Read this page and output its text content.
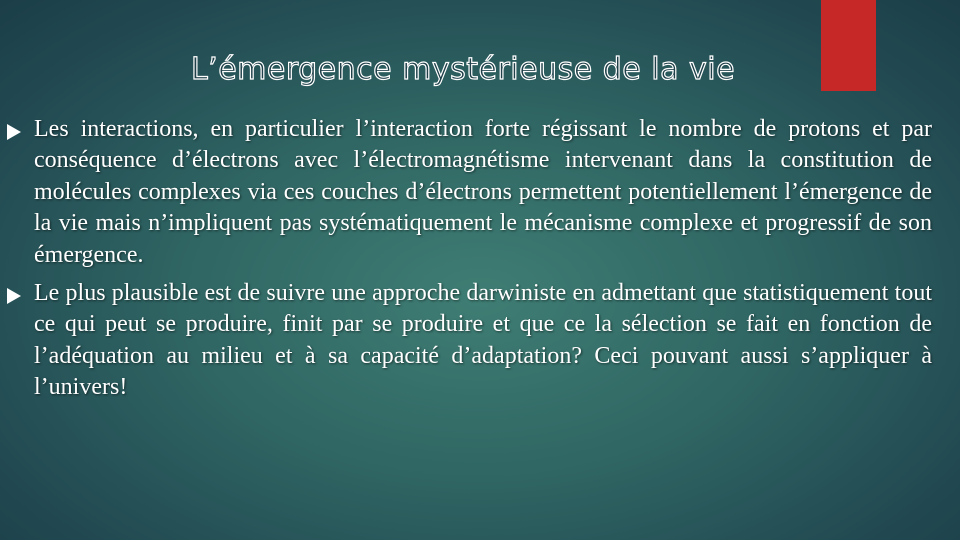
L’émergence mystérieuse de la vie
Les interactions, en particulier l’interaction forte régissant le nombre de protons et par conséquence d’électrons avec l’électromagnétisme intervenant dans la constitution de molécules complexes via ces couches d’électrons permettent potentiellement l’émergence de la vie mais n’impliquent pas systématiquement le mécanisme complexe et progressif de son émergence.
Le plus plausible est de suivre une approche darwiniste en admettant que statistiquement tout ce qui peut se produire, finit par se produire et que ce la sélection se fait en fonction de l’adéquation au milieu et à sa capacité d’adaptation? Ceci pouvant aussi s’appliquer à l’univers!
